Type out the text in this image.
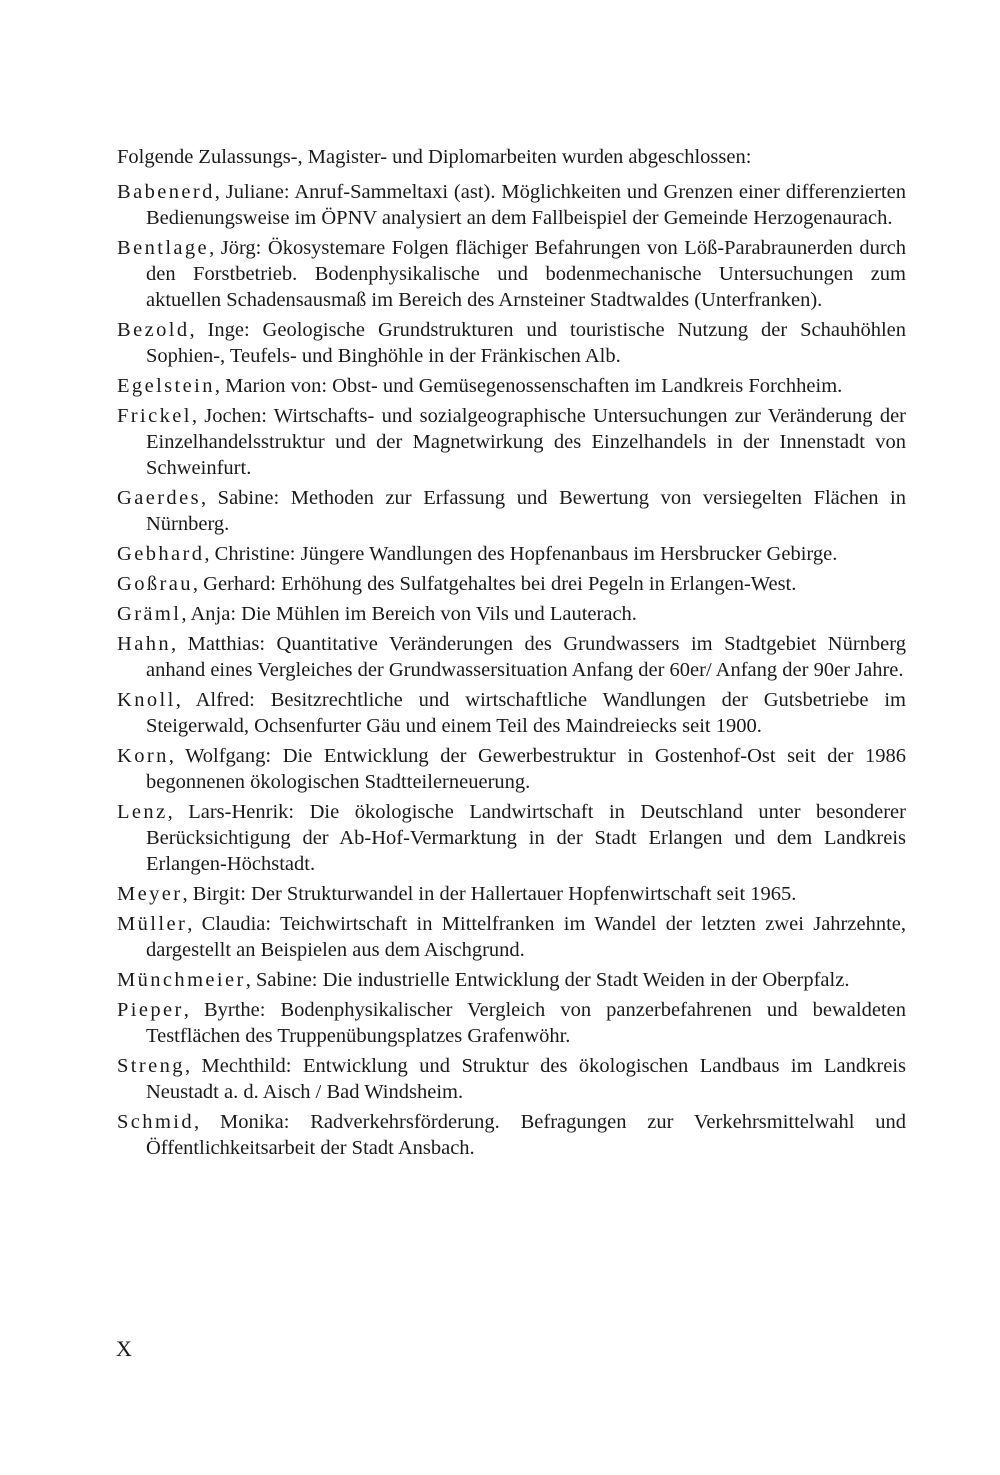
Folgende Zulassungs-, Magister- und Diplomarbeiten wurden abgeschlossen:

Babenerd, Juliane: Anruf-Sammeltaxi (ast). Möglichkeiten und Grenzen einer differenzierten Bedienungsweise im ÖPNV analysiert an dem Fallbeispiel der Gemeinde Herzogenaurach.
Bentlage, Jörg: Ökosystemare Folgen flächiger Befahrungen von Löß-Parabraunerden durch den Forstbetrieb. Bodenphysikalische und bodenmechanische Untersuchungen zum aktuellen Schadensausmaß im Bereich des Arnsteiner Stadtwaldes (Unterfranken).
Bezold, Inge: Geologische Grundstrukturen und touristische Nutzung der Schauhöhlen Sophien-, Teufels- und Binghöhle in der Fränkischen Alb.
Egelstein, Marion von: Obst- und Gemüsegenossenschaften im Landkreis Forchheim.
Frickel, Jochen: Wirtschafts- und sozialgeographische Untersuchungen zur Veränderung der Einzelhandelsstruktur und der Magnetwirkung des Einzelhandels in der Innenstadt von Schweinfurt.
Gaerdes, Sabine: Methoden zur Erfassung und Bewertung von versiegelten Flächen in Nürnberg.
Gebhard, Christine: Jüngere Wandlungen des Hopfenanbaus im Hersbrucker Gebirge.
Goßrau, Gerhard: Erhöhung des Sulfatgehaltes bei drei Pegeln in Erlangen-West.
Gräml, Anja: Die Mühlen im Bereich von Vils und Lauterach.
Hahn, Matthias: Quantitative Veränderungen des Grundwassers im Stadtgebiet Nürnberg anhand eines Vergleiches der Grundwassersituation Anfang der 60er/ Anfang der 90er Jahre.
Knoll, Alfred: Besitzrechtliche und wirtschaftliche Wandlungen der Gutsbetriebe im Steigerwald, Ochsenfurter Gäu und einem Teil des Maindreiecks seit 1900.
Korn, Wolfgang: Die Entwicklung der Gewerbestruktur in Gostenhof-Ost seit der 1986 begonnenen ökologischen Stadtteilerneuerung.
Lenz, Lars-Henrik: Die ökologische Landwirtschaft in Deutschland unter besonderer Berücksichtigung der Ab-Hof-Vermarktung in der Stadt Erlangen und dem Landkreis Erlangen-Höchstadt.
Meyer, Birgit: Der Strukturwandel in der Hallertauer Hopfenwirtschaft seit 1965.
Müller, Claudia: Teichwirtschaft in Mittelfranken im Wandel der letzten zwei Jahrzehnte, dargestellt an Beispielen aus dem Aischgrund.
Münchmeier, Sabine: Die industrielle Entwicklung der Stadt Weiden in der Oberpfalz.
Pieper, Byrthe: Bodenphysikalischer Vergleich von panzerbefahrenen und bewaldeten Testflächen des Truppenübungsplatzes Grafenwöhr.
Streng, Mechthild: Entwicklung und Struktur des ökologischen Landbaus im Landkreis Neustadt a. d. Aisch / Bad Windsheim.
Schmid, Monika: Radverkehrsförderung. Befragungen zur Verkehrsmittelwahl und Öffentlichkeitsarbeit der Stadt Ansbach.
X
